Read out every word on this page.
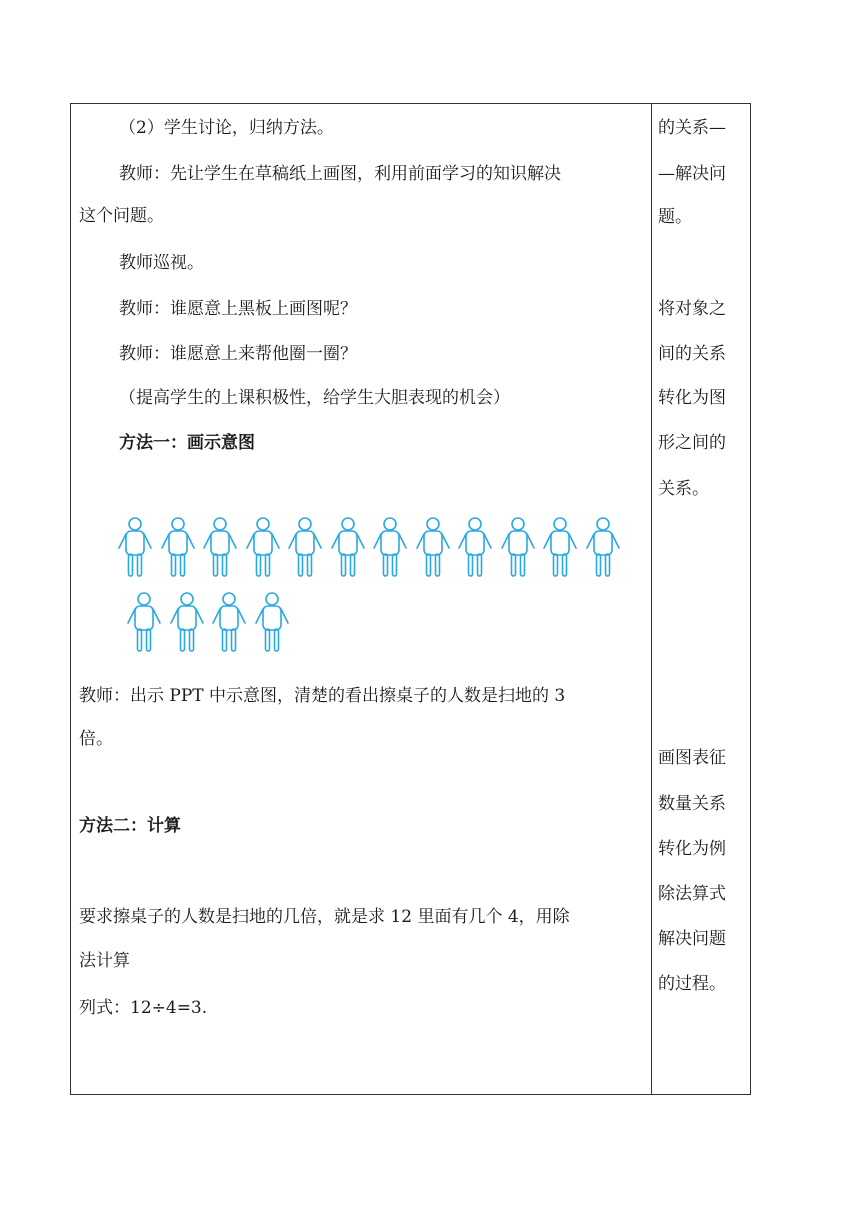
（2）学生讨论，归纳方法。
教师：先让学生在草稿纸上画图，利用前面学习的知识解决
这个问题。
教师巡视。
教师：谁愿意上黑板上画图呢？
教师：谁愿意上来帮他圈一圈？
（提高学生的上课积极性，给学生大胆表现的机会）
方法一：画示意图
教师：出示 PPT 中示意图，清楚的看出擦桌子的人数是扫地的 3
倍。
方法二：计算
要求擦桌子的人数是扫地的几倍，就是求 12 里面有几个 4，用除
法计算
列式：12÷4=3.
的关系—
—解决问
题。
将对象之
间的关系
转化为图
形之间的
关系。
画图表征
数量关系
转化为例
除法算式
解决问题
的过程。
